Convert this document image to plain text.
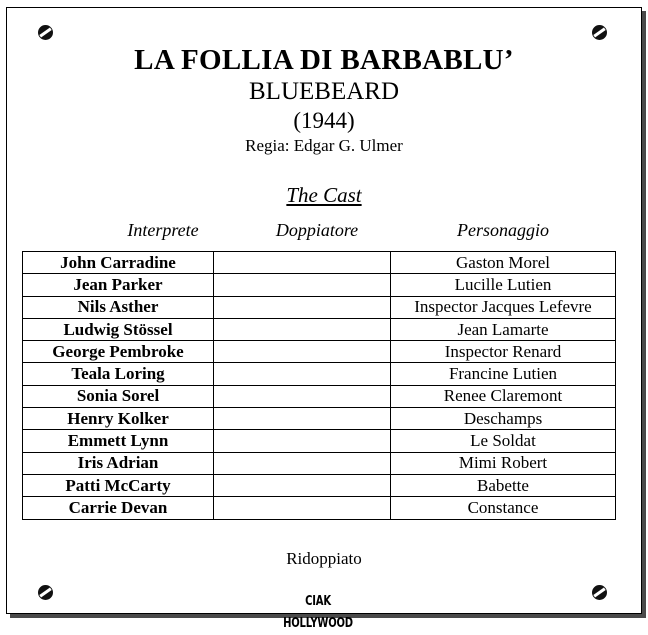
LA FOLLIA DI BARBABLU’
BLUEBEARD
(1944)
Regia: Edgar G. Ulmer
The Cast
Interprete	Doppiatore	Personaggio
John Carradine		Gaston Morel
Jean Parker		Lucille Lutien
Nils Asther		Inspector Jacques Lefevre
Ludwig Stössel		Jean Lamarte
George Pembroke		Inspector Renard
Teala Loring		Francine Lutien
Sonia Sorel		Renee Claremont
Henry Kolker		Deschamps
Emmett Lynn		Le Soldat
Iris Adrian		Mimi Robert
Patti McCarty		Babette
Carrie Devan		Constance
Ridoppiato
CIAK HOLLYWOOD
